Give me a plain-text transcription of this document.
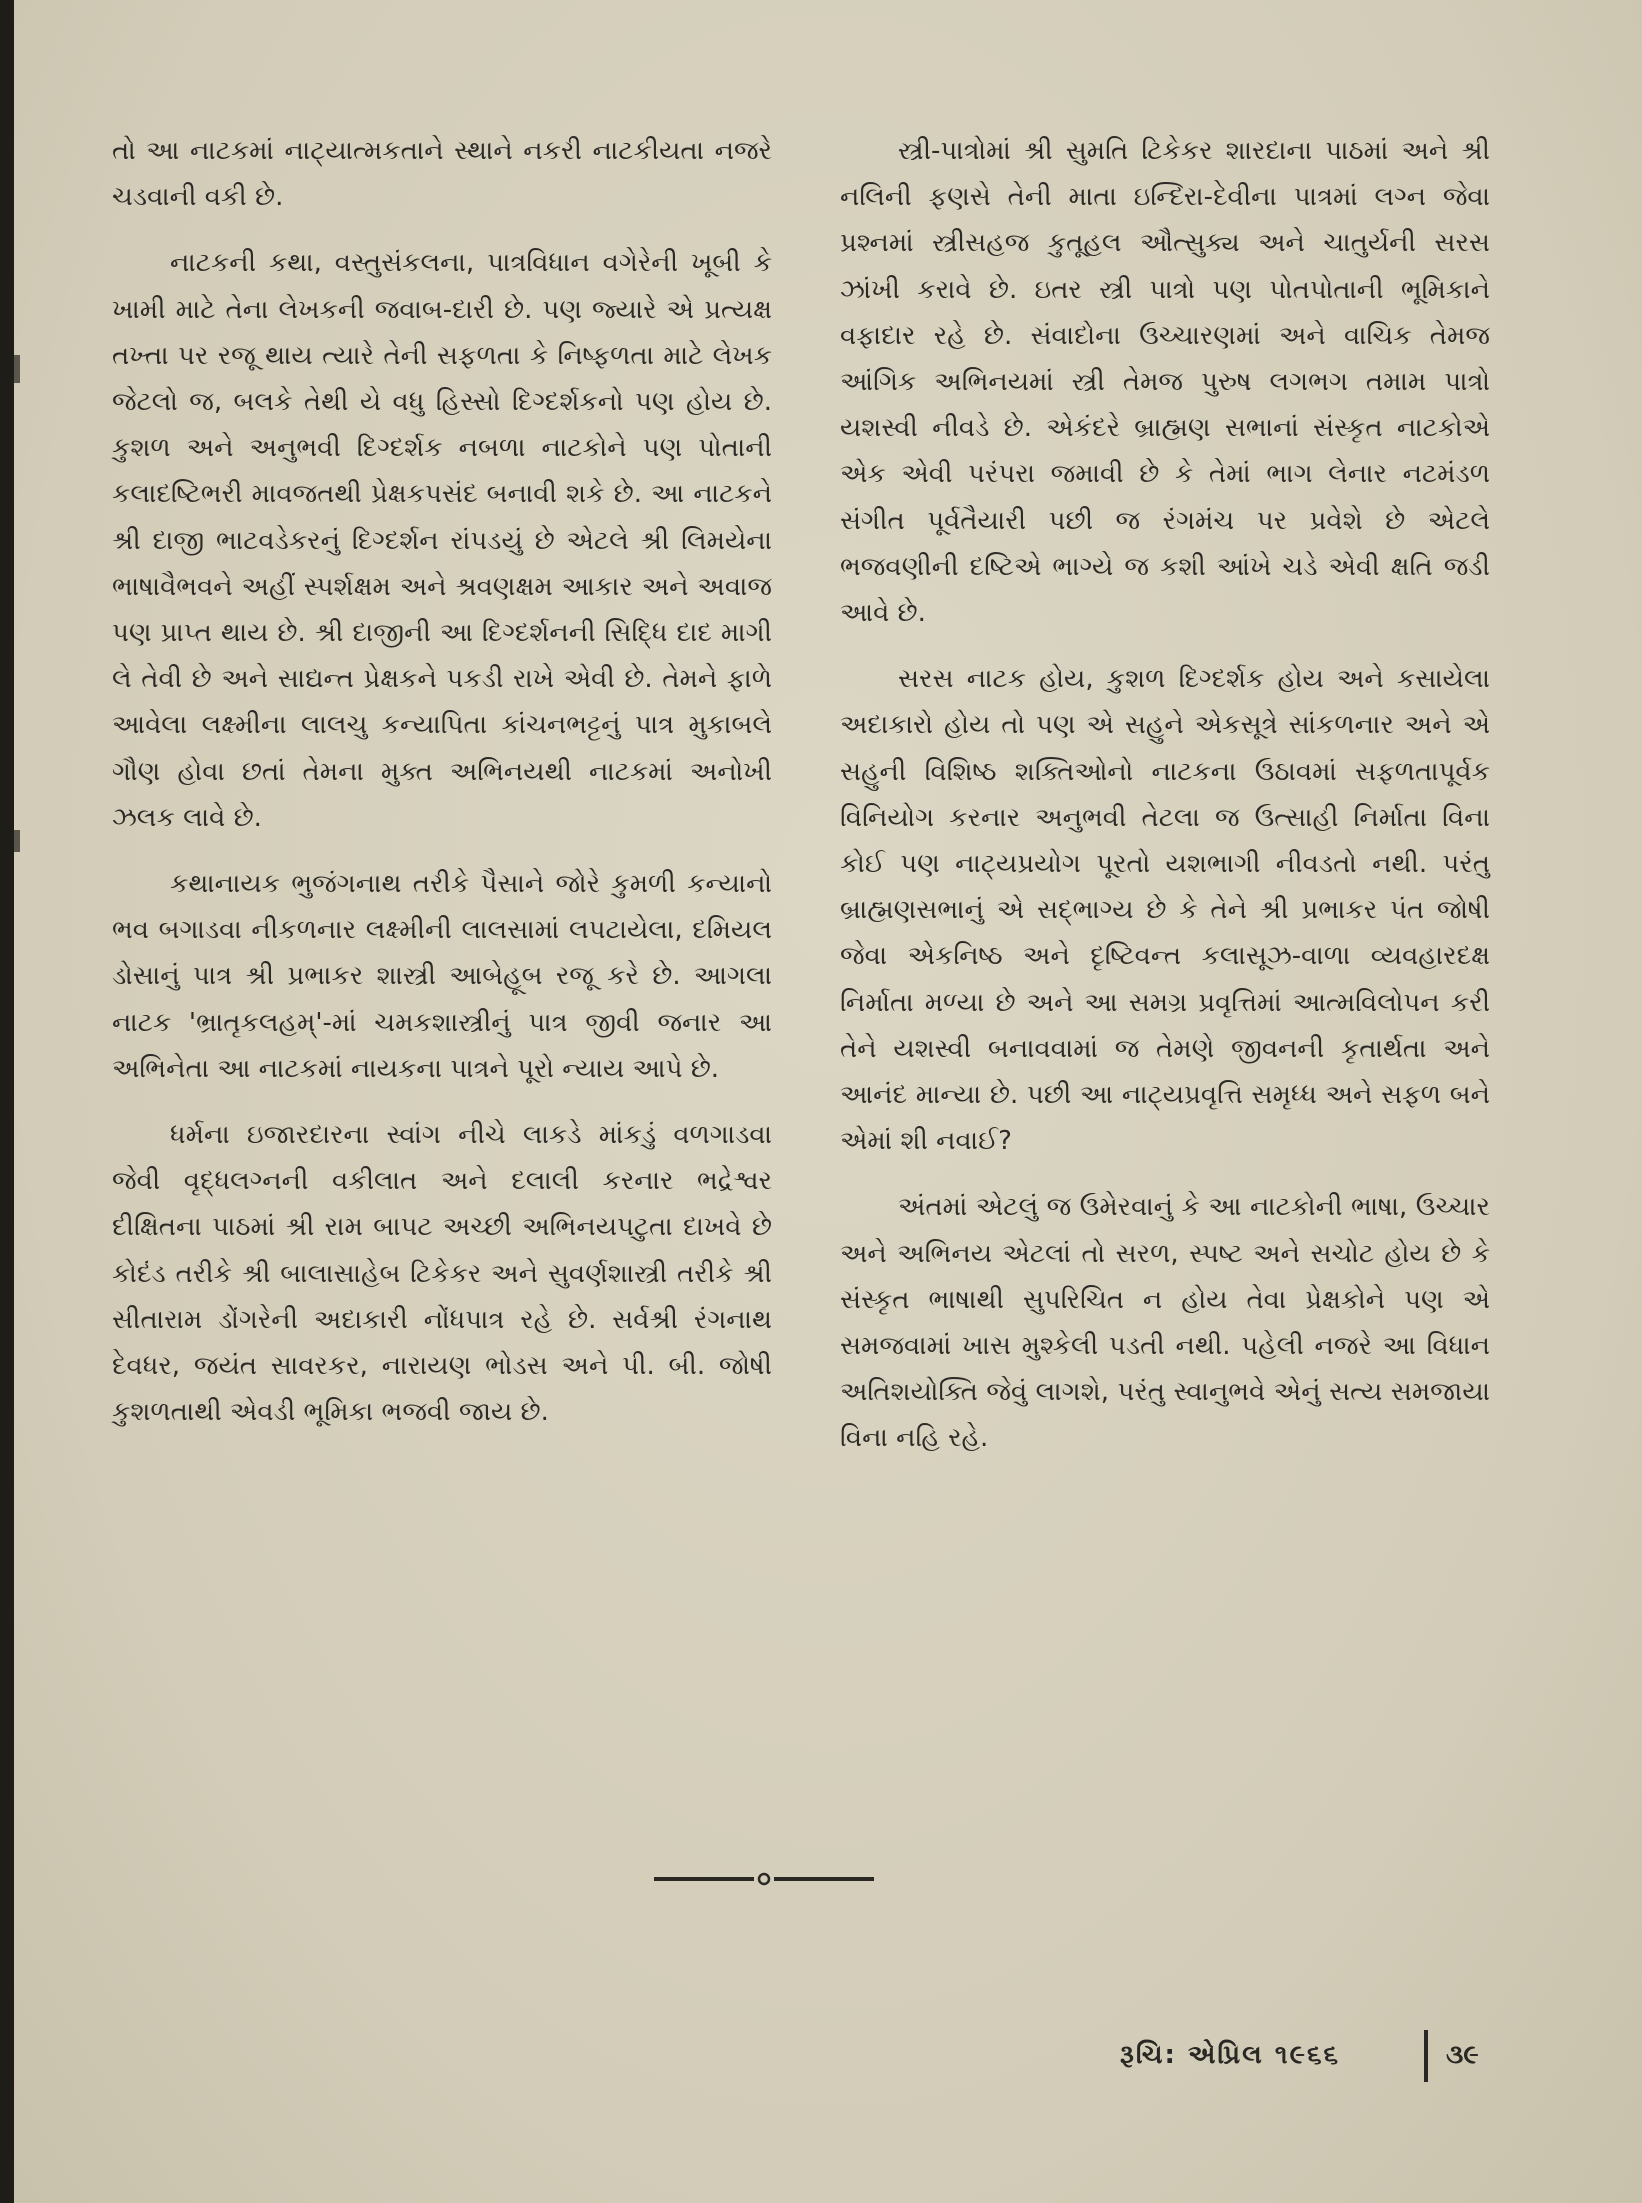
તો આ નાટકમાં નાટ્યાત્મકતાને સ્થાને નકરી નાટકીયતા નજરે ચડવાની વકી છે.

નાટકની કથા, વસ્તુસંકલના, પાત્રવિધાન વગેરેની ખૂબી કે ખામી માટે તેના લેખકની જવાબ-દારી છે. પણ જ્યારે એ પ્રત્યક્ષ તખ્તા પર રજૂ થાય ત્યારે તેની સફળતા કે નિષ્ફળતા માટે લેખક જેટલો જ, બલકે તેથી યે વધુ હિસ્સો દિગ્દર્શકનો પણ હોય છે. કુશળ અને અનુભવી દિગ્દર્શક નબળા નાટકોને પણ પોતાની કલાદષ્ટિભરી માવજતથી પ્રેક્ષકપસંદ બનાવી શકે છે. આ નાટકને શ્રી દાજી ભાટવડેકરનું દિગ્દર્શન રાંપડયું છે એટલે શ્રી લિમયેના ભાષાવૈભવને અહીં સ્પર્શક્ષમ અને શ્રવણક્ષમ આકાર અને અવાજ પણ પ્રાપ્ત થાય છે. શ્રી દાજીની આ દિગ્દર્શનની સિદ્ધિ દાદ માગી લે તેવી છે અને સાદ્યન્ત પ્રેક્ષકને પકડી રાખે એવી છે. તેમને ફાળે આવેલા લક્ષ્મીના લાલચુ કન્યાપિતા કાંચનભટ્ટનું પાત્ર મુકાબલે ગૌણ હોવા છતાં તેમના મુક્ત અભિનયથી નાટકમાં અનોખી ઝલક લાવે છે.

કથાનાયક ભુજંગનાથ તરીકે પૈસાને જોરે કુમળી કન્યાનો ભવ બગાડવા નીકળનાર લક્ષ્મીની લાલસામાં લપટાયેલા, દમિયલ ડોસાનું પાત્ર શ્રી પ્રભાકર શાસ્ત્રી આબેહૂબ રજૂ કરે છે. આગલા નાટક 'ભ્રાતૃકલહમ્'-માં ચમકશાસ્ત્રીનું પાત્ર જીવી જનાર આ અભિનેતા આ નાટકમાં નાયકના પાત્રને પૂરો ન્યાય આપે છે.

ધર્મના ઇજારદારના સ્વાંગ નીચે લાકડે માંકડું વળગાડવા જેવી વૃદ્ધલગ્નની વકીલાત અને દલાલી કરનાર ભદ્રેશ્વર દીક્ષિતના પાઠમાં શ્રી રામ બાપટ અચ્છી અભિનયપટુતા દાખવે છે કોદંડ તરીકે શ્રી બાલાસાહેબ ટિકેકર અને સુવર્ણશાસ્ત્રી તરીકે શ્રી સીતારામ ડોંગરેની અદાકારી નોંધપાત્ર રહે છે. સર્વશ્રી રંગનાથ દેવધર, જયંત સાવરકર, નારાયણ ભોડસ અને પી. બી. જોષી કુશળતાથી એવડી ભૂમિકા ભજવી જાય છે.

સ્ત્રી-પાત્રોમાં શ્રી સુમતિ ટિકેકર શારદાના પાઠમાં અને શ્રી નલિની ફણસે તેની માતા ઇન્દિરા-દેવીના પાત્રમાં લગ્ન જેવા પ્રશ્નમાં સ્ત્રીસહજ કુતૂહલ ઔત્સુક્ય અને ચાતુર્યની સરસ ઝાંખી કરાવે છે. ઇતર સ્ત્રી પાત્રો પણ પોતપોતાની ભૂમિકાને વફાદાર રહે છે. સંવાદોના ઉચ્ચારણમાં અને વાચિક તેમજ આંગિક અભિનયમાં સ્ત્રી તેમજ પુરુષ લગભગ તમામ પાત્રો યશસ્વી નીવડે છે. એકંદરે બ્રાહ્મણ સભાનાં સંસ્કૃત નાટકોએ એક એવી પરંપરા જમાવી છે કે તેમાં ભાગ લેનાર નટમંડળ સંગીત પૂર્વતૈયારી પછી જ રંગમંચ પર પ્રવેશે છે એટલે ભજવણીની દષ્ટિએ ભાગ્યે જ કશી આંખે ચડે એવી ક્ષતિ જડી આવે છે.

સરસ નાટક હોય, કુશળ દિગ્દર્શક હોય અને કસાયેલા અદાકારો હોય તો પણ એ સહુને એકસૂત્રે સાંકળનાર અને એ સહુની વિશિષ્ઠ શક્તિઓનો નાટકના ઉઠાવમાં સફળતાપૂર્વક વિનિયોગ કરનાર અનુભવી તેટલા જ ઉત્સાહી નિર્માતા વિના કોઈ પણ નાટ્યપ્રયોગ પૂરતો યશભાગી નીવડતો નથી. પરંતુ બ્રાહ્મણસભાનું એ સદ્ભાગ્ય છે કે તેને શ્રી પ્રભાકર પંત જોષી જેવા એકનિષ્ઠ અને દૃષ્ટિવન્ત કલાસૂઝ-વાળા વ્યવહારદક્ષ નિર્માતા મળ્યા છે અને આ સમગ્ર પ્રવૃત્તિમાં આત્મવિલોપન કરી તેને યશસ્વી બનાવવામાં જ તેમણે જીવનની કૃતાર્થતા અને આનંદ માન્યા છે. પછી આ નાટ્યપ્રવૃત્તિ સમૃધ્ધ અને સફળ બને એમાં શી નવાઈ?

અંતમાં એટલું જ ઉમેરવાનું કે આ નાટકોની ભાષા, ઉચ્ચાર અને અભિનય એટલાં તો સરળ, સ્પષ્ટ અને સચોટ હોય છે કે સંસ્કૃત ભાષાથી સુપરિચિત ન હોય તેવા પ્રેક્ષકોને પણ એ સમજવામાં ખાસ મુશ્કેલી પડતી નથી. પહેલી નજરે આ વિધાન અતિશયોક્તિ જેવું લાગશે, પરંતુ સ્વાનુભવે એનું સત્ય સમજાયા વિના નહિ રહે.

રૂચિ: એપ્રિલ ૧૯૬૬	૩૯
